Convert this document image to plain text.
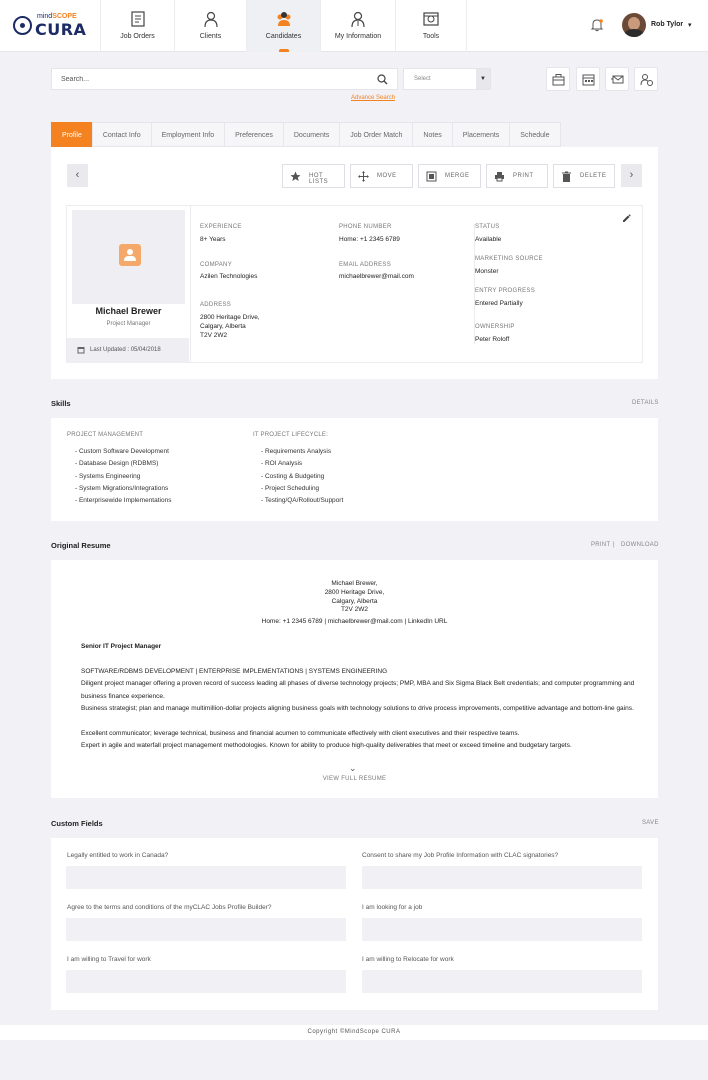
mindSCOPE
CURA	Job Orders	Clients	Candidates	My Information	Tools
Rob Tylor ▾
Search...
Select	▼
Advance Search
Profile	Contact Info	Employment Info	Preferences	Documents	Job Order Match	Notes	Placements	Schedule
‹	›
HOT LISTS
MOVE	MERGE	PRINT	DELETE
Michael Brewer
Project Manager
Last Updated : 05/04/2018
EXPERIENCE
8+ Years
COMPANY
Azilen Technologies
ADDRESS
2800 Heritage Drive,
Calgary, Alberta
T2V 2W2
PHONE NUMBER
Home: +1 2345 6789
EMAIL ADDRESS
michaelbrewer@mail.com
STATUS
Available
MARKETING SOURCE
Monster
ENTRY PROGRESS
Entered Partially
OWNERSHIP
Peter Roloff
Skills	DETAILS
PROJECT MANAGEMENT
- Custom Software Development
- Database Design (RDBMS)
- Systems Engineering
- System Migrations/Integrations
- Enterprisewide Implementations
IT PROJECT LIFECYCLE:
- Requirements Analysis
- ROI Analysis
- Costing & Budgeting
- Project Scheduling
- Testing/QA/Rollout/Support
Original Resume	PRINT | DOWNLOAD
Michael Brewer,
2800 Heritage Drive,
Calgary, Alberta
T2V 2W2
Home: +1 2345 6789 | michaelbrewer@mail.com | LinkedIn URL
Senior IT Project Manager
SOFTWARE/RDBMS DEVELOPMENT | ENTERPRISE IMPLEMENTATIONS | SYSTEMS ENGINEERING
Diligent project manager offering a proven record of success leading all phases of diverse technology projects; PMP, MBA and Six Sigma Black Belt credentials; and computer programming and business finance experience.
Business strategist; plan and manage multimillion-dollar projects aligning business goals with technology solutions to drive process improvements, competitive advantage and bottom-line gains.
Excellent communicator; leverage technical, business and financial acumen to communicate effectively with client executives and their respective teams.
Expert in agile and waterfall project management methodologies. Known for ability to produce high-quality deliverables that meet or exceed timeline and budgetary targets.
⌄
VIEW FULL RESUME
Custom Fields	SAVE
Legally entitled to work in Canada?	Consent to share my Job Profile Information with CLAC signatories?
Agree to the terms and conditions of the myCLAC Jobs Profile Builder?	I am looking for a job
I am willing to Travel for work	I am willing to Relocate for work
Copyright ©MindScope CURA
